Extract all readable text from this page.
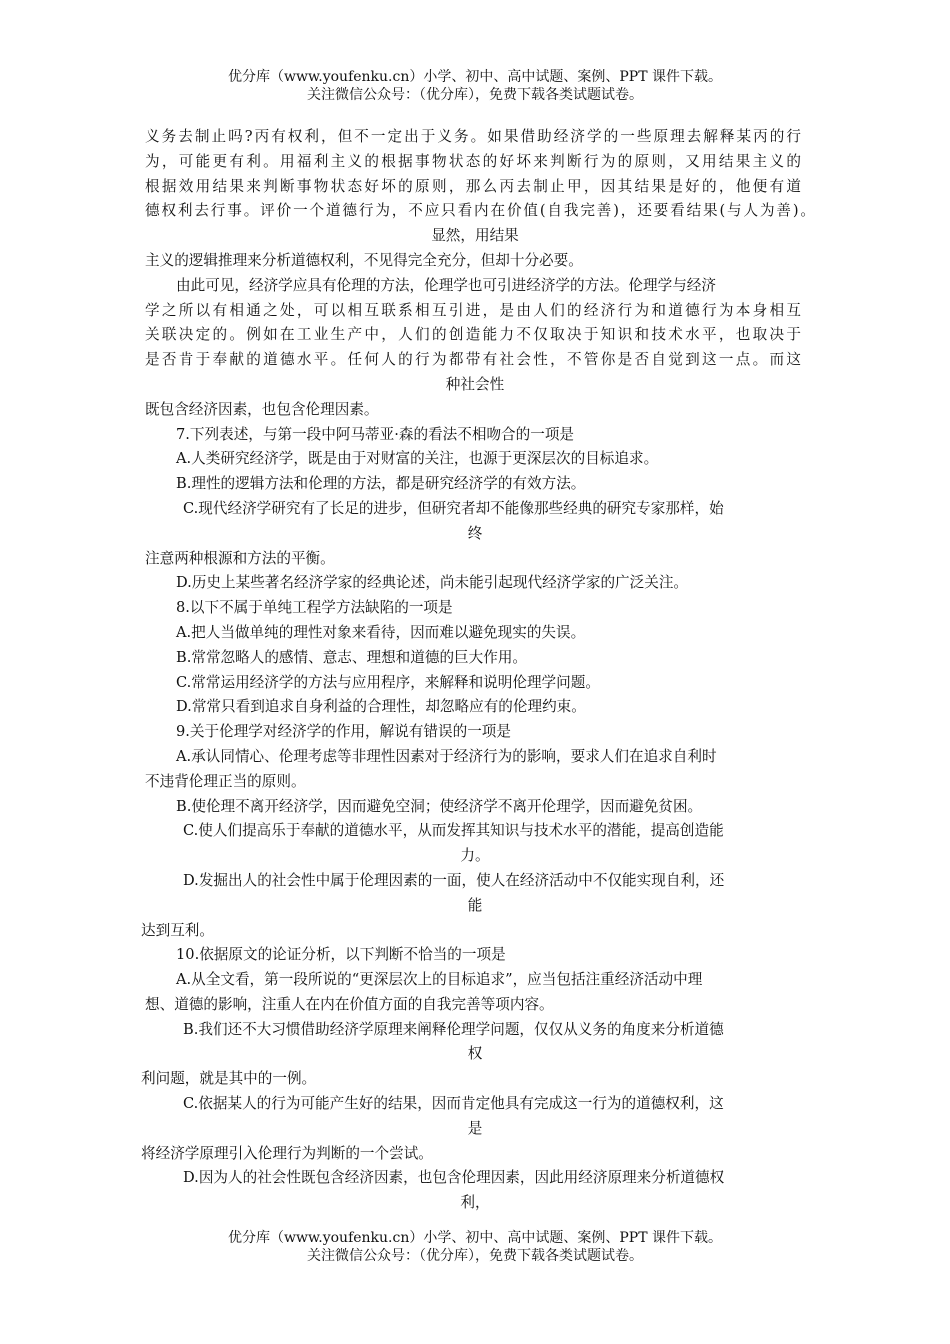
优分库（www.youfenku.cn）小学、初中、高中试题、案例、PPT 课件下载。
关注微信公众号：（优分库），免费下载各类试题试卷。
义务去制止吗?丙有权利，但不一定出于义务。如果借助经济学的一些原理去解释某丙的行
为，可能更有利。用福利主义的根据事物状态的好坏来判断行为的原则，又用结果主义的
根据效用结果来判断事物状态好坏的原则，那么丙去制止甲，因其结果是好的，他便有道
德权利去行事。评价一个道德行为，不应只看内在价值(自我完善)，还要看结果(与人为善)。
显然，用结果
主义的逻辑推理来分析道德权利，不见得完全充分，但却十分必要。
由此可见，经济学应具有伦理的方法，伦理学也可引进经济学的方法。伦理学与经济
学之所以有相通之处，可以相互联系相互引进，是由人们的经济行为和道德行为本身相互
关联决定的。例如在工业生产中，人们的创造能力不仅取决于知识和技术水平，也取决于
是否肯于奉献的道德水平。任何人的行为都带有社会性，不管你是否自觉到这一点。而这
种社会性
既包含经济因素，也包含伦理因素。
7.下列表述，与第一段中阿马蒂亚·森的看法不相吻合的一项是
A.人类研究经济学，既是由于对财富的关注，也源于更深层次的目标追求。
B.理性的逻辑方法和伦理的方法，都是研究经济学的有效方法。
C.现代经济学研究有了长足的进步，但研究者却不能像那些经典的研究专家那样，始
终
注意两种根源和方法的平衡。
D.历史上某些著名经济学家的经典论述，尚未能引起现代经济学家的广泛关注。
8.以下不属于单纯工程学方法缺陷的一项是
A.把人当做单纯的理性对象来看待，因而难以避免现实的失误。
B.常常忽略人的感情、意志、理想和道德的巨大作用。
C.常常运用经济学的方法与应用程序，来解释和说明伦理学问题。
D.常常只看到追求自身利益的合理性，却忽略应有的伦理约束。
9.关于伦理学对经济学的作用，解说有错误的一项是
A.承认同情心、伦理考虑等非理性因素对于经济行为的影响，要求人们在追求自利时
不违背伦理正当的原则。
B.使伦理不离开经济学，因而避免空洞；使经济学不离开伦理学，因而避免贫困。
C.使人们提高乐于奉献的道德水平，从而发挥其知识与技术水平的潜能，提高创造能
力。
D.发掘出人的社会性中属于伦理因素的一面，使人在经济活动中不仅能实现自利，还
能
达到互利。
10.依据原文的论证分析，以下判断不恰当的一项是
A.从全文看，第一段所说的“更深层次上的目标追求”，应当包括注重经济活动中理
想、道德的影响，注重人在内在价值方面的自我完善等项内容。
B.我们还不大习惯借助经济学原理来阐释伦理学问题，仅仅从义务的角度来分析道德
权
利问题，就是其中的一例。
C.依据某人的行为可能产生好的结果，因而肯定他具有完成这一行为的道德权利，这
是
将经济学原理引入伦理行为判断的一个尝试。
D.因为人的社会性既包含经济因素，也包含伦理因素，因此用经济原理来分析道德权
利，
优分库（www.youfenku.cn）小学、初中、高中试题、案例、PPT 课件下载。
关注微信公众号：（优分库），免费下载各类试题试卷。
